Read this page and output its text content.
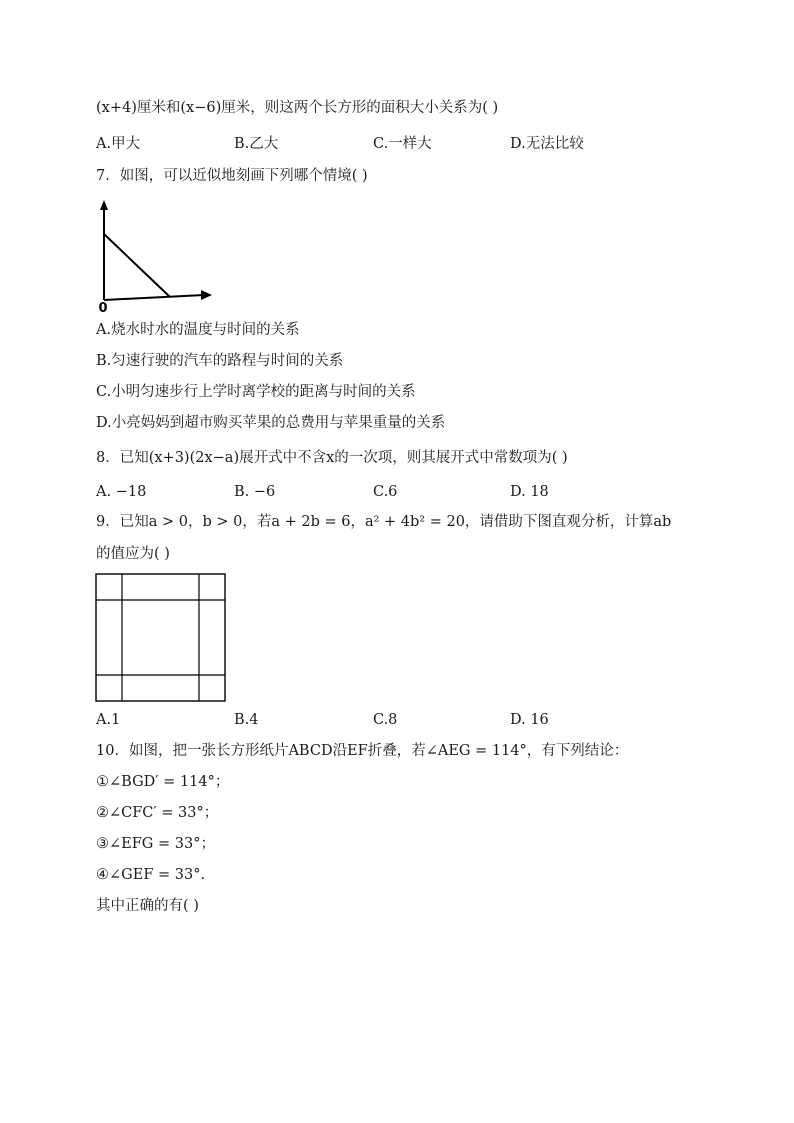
(x+4)厘米和(x−6)厘米，则这两个长方形的面积大小关系为( )
A.甲大	B.乙大	C.一样大	D.无法比较
7．如图，可以近似地刻画下列哪个情境( )
0
A.烧水时水的温度与时间的关系
B.匀速行驶的汽车的路程与时间的关系
C.小明匀速步行上学时离学校的距离与时间的关系
D.小亮妈妈到超市购买苹果的总费用与苹果重量的关系
8．已知(x+3)(2x−a)展开式中不含x的一次项，则其展开式中常数项为( )
A. −18	B. −6	C.6	D. 18
9．已知a > 0，b > 0，若a + 2b = 6，a² + 4b² = 20，请借助下图直观分析，计算ab
的值应为( )
A.1	B.4	C.8	D. 16
10．如图，把一张长方形纸片ABCD沿EF折叠，若∠AEG = 114°，有下列结论：
①∠BGD′ = 114°；
②∠CFC′ = 33°；
③∠EFG = 33°；
④∠GEF = 33°.
其中正确的有( )
